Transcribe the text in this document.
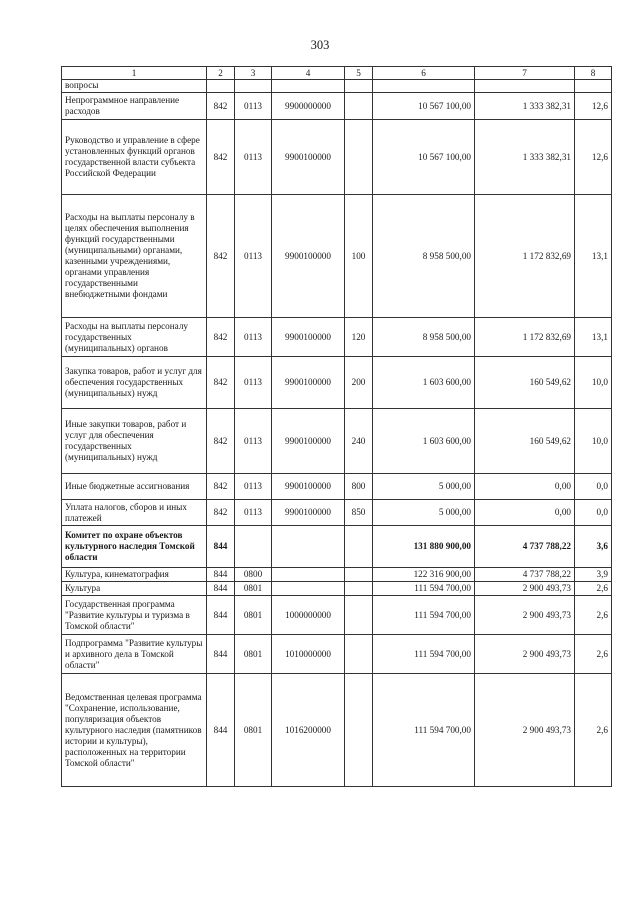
303
1	2	3	4	5	6	7	8
вопросы							
Непрограммное направление расходов	842	0113	9900000000		10 567 100,00	1 333 382,31	12,6
Руководство и управление в сфере установленных функций органов государственной власти субъекта Российской Федерации	842	0113	9900100000		10 567 100,00	1 333 382,31	12,6
Расходы на выплаты персоналу в целях обеспечения выполнения функций государственными (муниципальными) органами, казенными учреждениями, органами управления государственными внебюджетными фондами	842	0113	9900100000	100	8 958 500,00	1 172 832,69	13,1
Расходы на выплаты персоналу государственных (муниципальных) органов	842	0113	9900100000	120	8 958 500,00	1 172 832,69	13,1
Закупка товаров, работ и услуг для обеспечения государственных (муниципальных) нужд	842	0113	9900100000	200	1 603 600,00	160 549,62	10,0
Иные закупки товаров, работ и услуг для обеспечения государственных (муниципальных) нужд	842	0113	9900100000	240	1 603 600,00	160 549,62	10,0
Иные бюджетные ассигнования	842	0113	9900100000	800	5 000,00	0,00	0,0
Уплата налогов, сборов и иных платежей	842	0113	9900100000	850	5 000,00	0,00	0,0
Комитет по охране объектов культурного наследия Томской области	844				131 880 900,00	4 737 788,22	3,6
Культура, кинематография	844	0800			122 316 900,00	4 737 788,22	3,9
Культура	844	0801			111 594 700,00	2 900 493,73	2,6
Государственная программа "Развитие культуры и туризма в Томской области"	844	0801	1000000000		111 594 700,00	2 900 493,73	2,6
Подпрограмма "Развитие культуры и архивного дела в Томской области"	844	0801	1010000000		111 594 700,00	2 900 493,73	2,6
Ведомственная целевая программа "Сохранение, использование, популяризация объектов культурного наследия (памятников истории и культуры), расположенных на территории Томской области"	844	0801	1016200000		111 594 700,00	2 900 493,73	2,6
